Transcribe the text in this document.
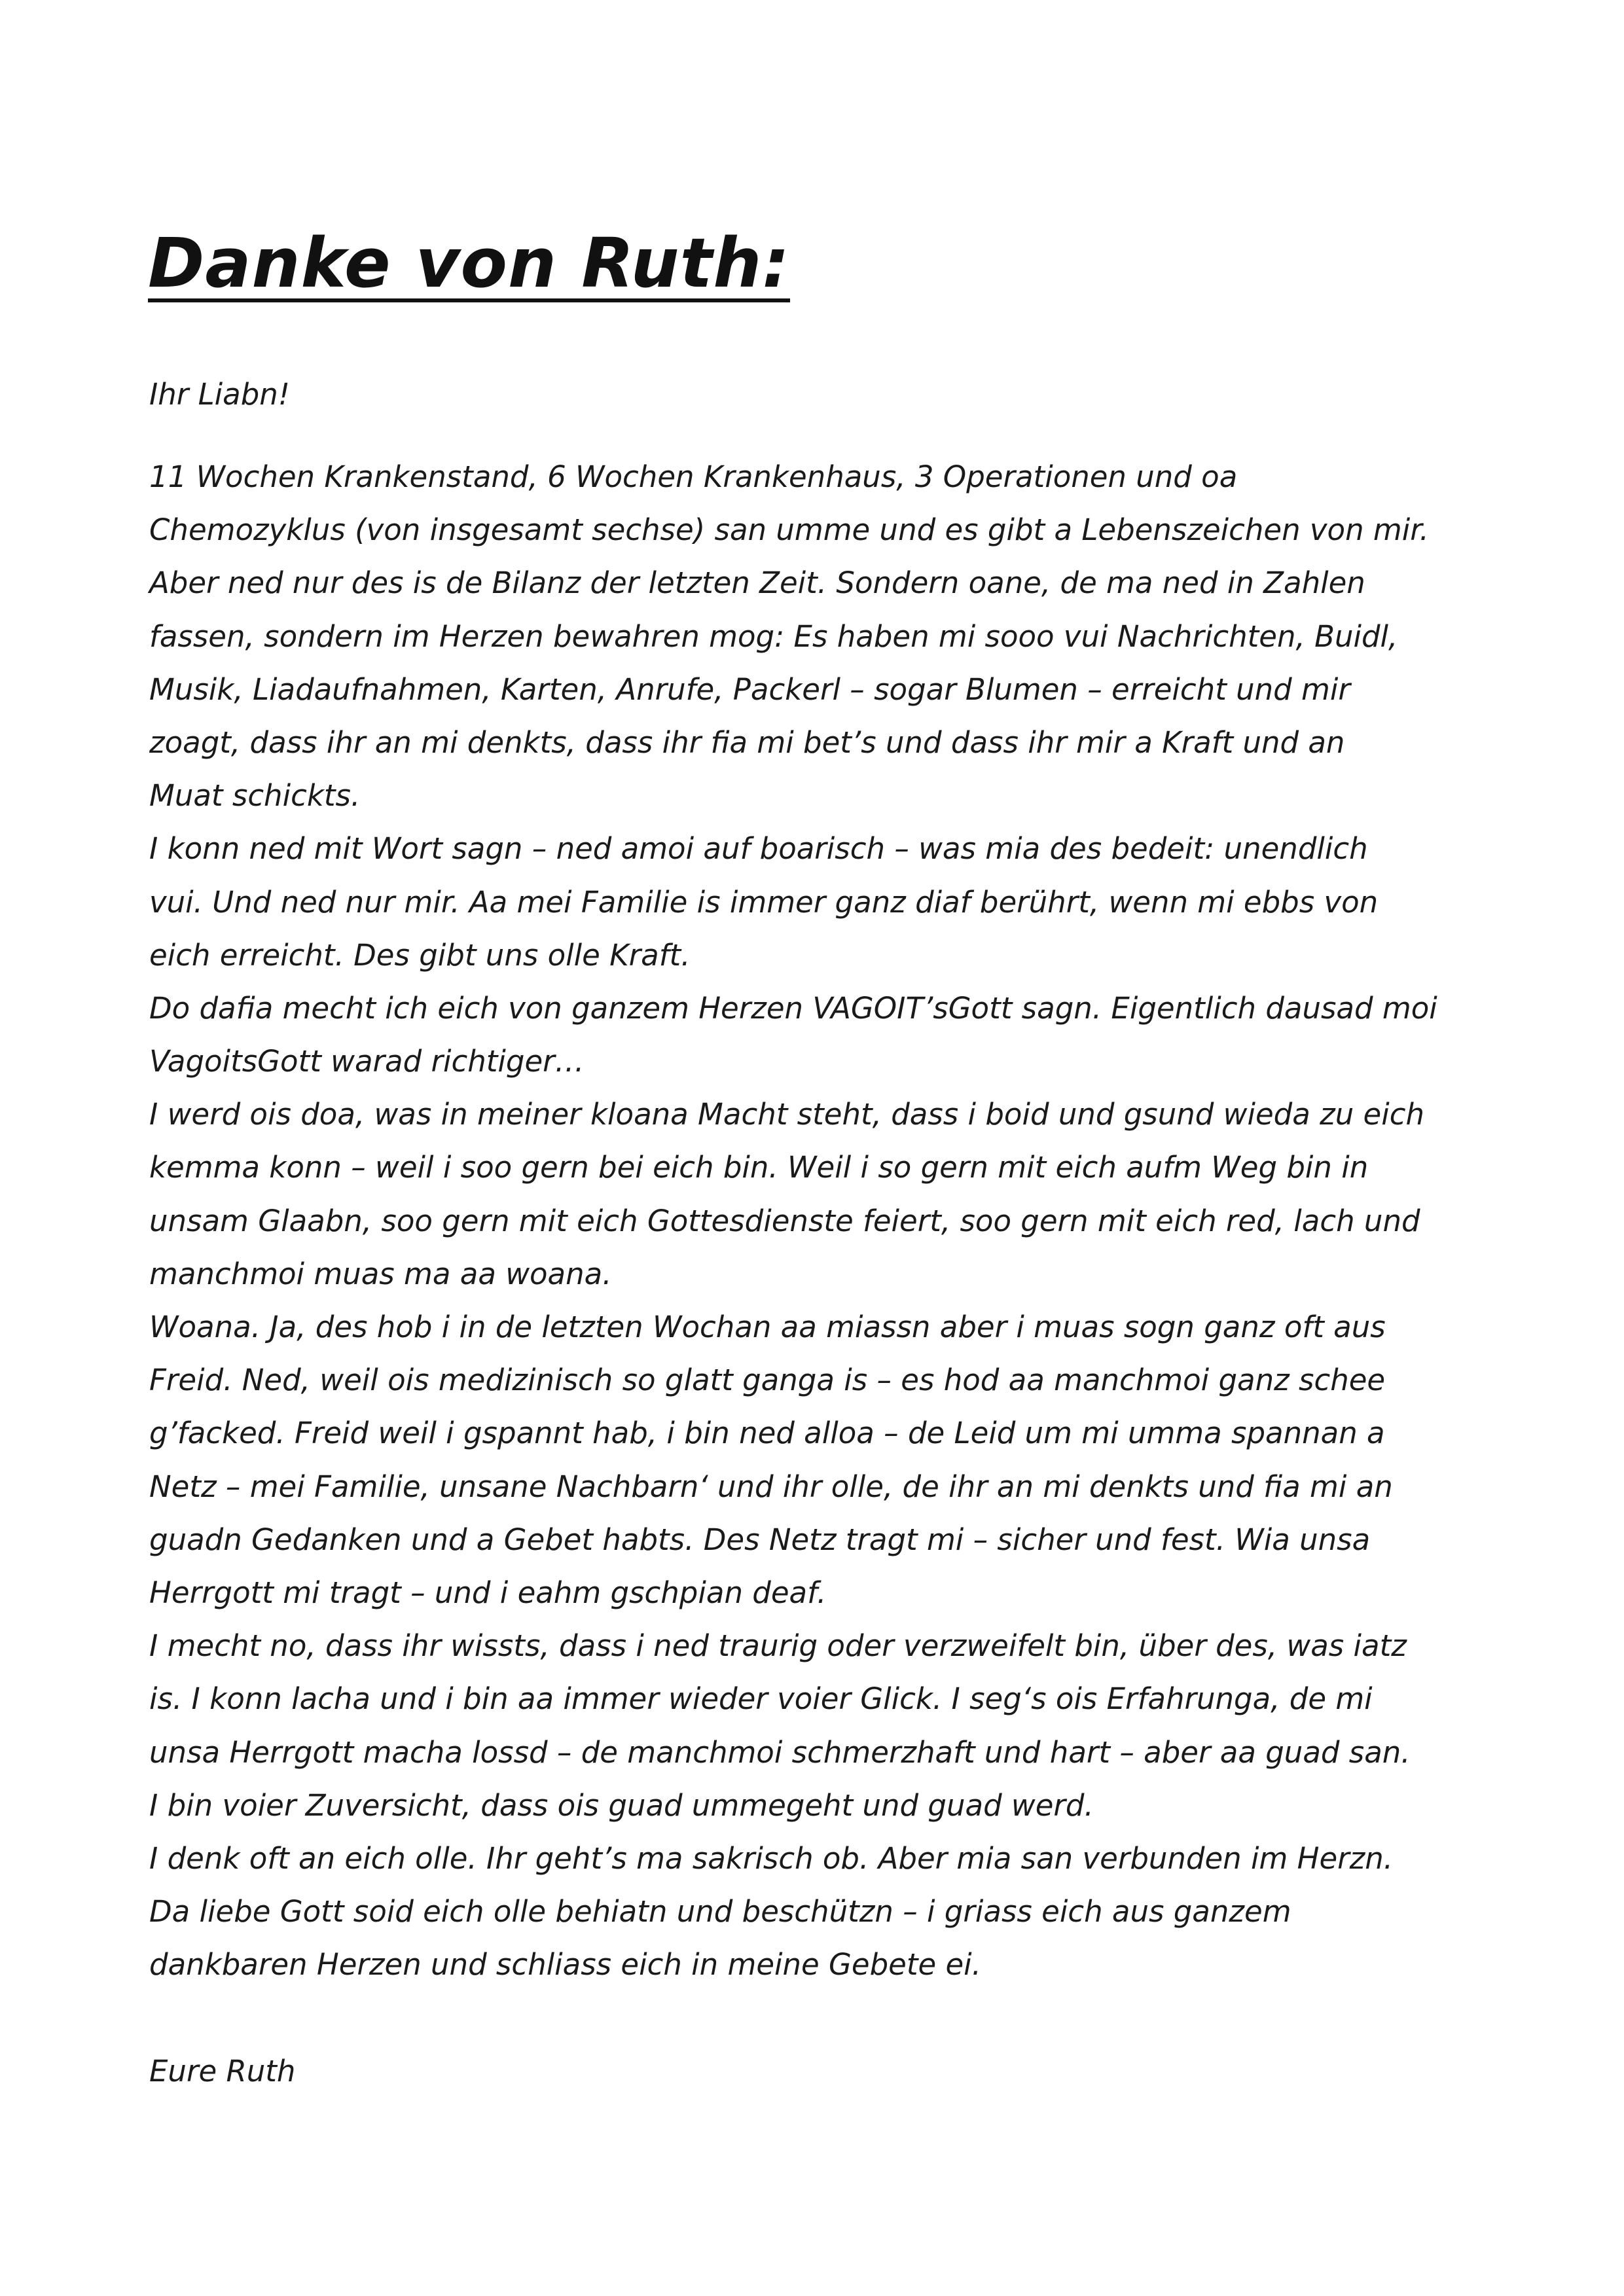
Danke von Ruth:
Ihr Liabn!
11 Wochen Krankenstand, 6 Wochen Krankenhaus, 3 Operationen und oa
Chemozyklus (von insgesamt sechse) san umme und es gibt a Lebenszeichen von mir.
Aber ned nur des is de Bilanz der letzten Zeit. Sondern oane, de ma ned in Zahlen
fassen, sondern im Herzen bewahren mog: Es haben mi sooo vui Nachrichten, Buidl,
Musik, Liadaufnahmen, Karten, Anrufe, Packerl – sogar Blumen – erreicht und mir
zoagt, dass ihr an mi denkts, dass ihr fia mi bet’s und dass ihr mir a Kraft und an
Muat schickts.
I konn ned mit Wort sagn – ned amoi auf boarisch – was mia des bedeit: unendlich
vui. Und ned nur mir. Aa mei Familie is immer ganz diaf berührt, wenn mi ebbs von
eich erreicht. Des gibt uns olle Kraft.
Do dafia mecht ich eich von ganzem Herzen VAGOIT’sGott sagn. Eigentlich dausad moi
VagoitsGott warad richtiger…
I werd ois doa, was in meiner kloana Macht steht, dass i boid und gsund wieda zu eich
kemma konn – weil i soo gern bei eich bin. Weil i so gern mit eich aufm Weg bin in
unsam Glaabn, soo gern mit eich Gottesdienste feiert, soo gern mit eich red, lach und
manchmoi muas ma aa woana.
Woana. Ja, des hob i in de letzten Wochan aa miassn aber i muas sogn ganz oft aus
Freid. Ned, weil ois medizinisch so glatt ganga is – es hod aa manchmoi ganz schee
g’facked. Freid weil i gspannt hab, i bin ned alloa – de Leid um mi umma spannan a
Netz – mei Familie, unsane Nachbarn‘ und ihr olle, de ihr an mi denkts und fia mi an
guadn Gedanken und a Gebet habts. Des Netz tragt mi – sicher und fest. Wia unsa
Herrgott mi tragt – und i eahm gschpian deaf.
I mecht no, dass ihr wissts, dass i ned traurig oder verzweifelt bin, über des, was iatz
is. I konn lacha und i bin aa immer wieder voier Glick. I seg‘s ois Erfahrunga, de mi
unsa Herrgott macha lossd – de manchmoi schmerzhaft und hart – aber aa guad san.
I bin voier Zuversicht, dass ois guad ummegeht und guad werd.
I denk oft an eich olle. Ihr geht’s ma sakrisch ob. Aber mia san verbunden im Herzn.
Da liebe Gott soid eich olle behiatn und beschützn – i griass eich aus ganzem
dankbaren Herzen und schliass eich in meine Gebete ei.
Eure Ruth
